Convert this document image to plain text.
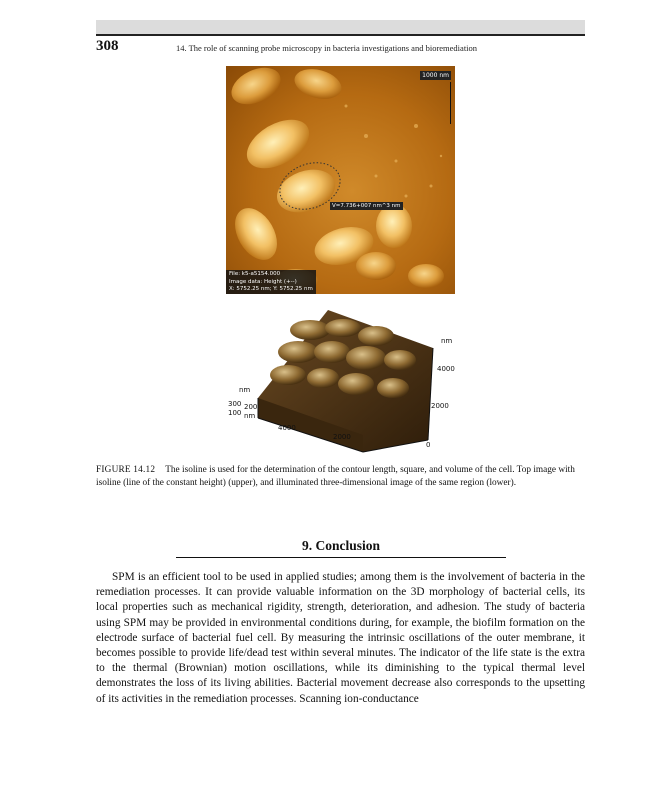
308	14. The role of scanning probe microscopy in bacteria investigations and bioremediation
1000 nm
V=7.736+007 nm^3 nm
File: k5-a5154.000
Image data: Height (+--)
X: 5752.25 nm; Y: 5752.25 nm
nm
4000
2000
0
nm
300 200
100 nm
4000
2000
FIGURE 14.12 The isoline is used for the determination of the contour length, square, and volume of the cell. Top image with isoline (line of the constant height) (upper), and illuminated three-dimensional image of the same region (lower).
9. Conclusion
SPM is an efficient tool to be used in applied studies; among them is the involvement of bacteria in the remediation processes. It can provide valuable information on the 3D morphology of bacterial cells, its local properties such as mechanical rigidity, strength, deterioration, and adhesion. The study of bacteria using SPM may be provided in environmental conditions during, for example, the biofilm formation on the electrode surface of bacterial fuel cell. By measuring the intrinsic oscillations of the outer membrane, it becomes possible to provide life/dead test within several minutes. The indicator of the life state is the extra to the thermal (Brownian) motion oscillations, while its diminishing to the typical thermal level demonstrates the loss of its living abilities. Bacterial movement decrease also corresponds to the upsetting of its activities in the remediation processes. Scanning ion-conductance
